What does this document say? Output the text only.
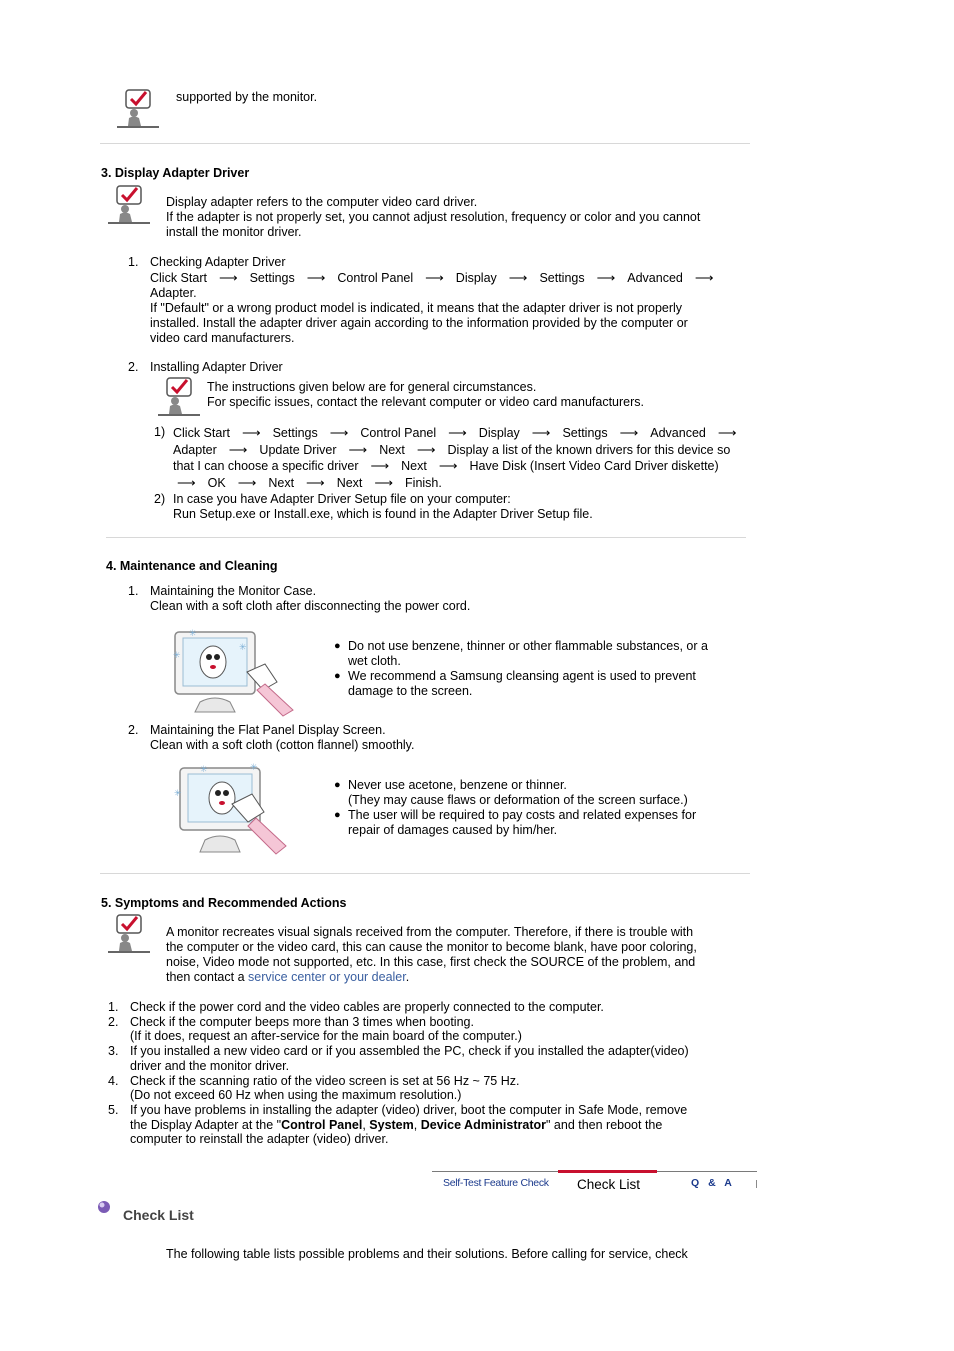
supported by the monitor.
3. Display Adapter Driver
Display adapter refers to the computer video card driver.
If the adapter is not properly set, you cannot adjust resolution, frequency or color and you cannot
install the monitor driver.
1. Checking Adapter Driver
Click Start ⟶ Settings ⟶ Control Panel ⟶ Display ⟶ Settings ⟶ Advanced ⟶
Adapter.
If "Default" or a wrong product model is indicated, it means that the adapter driver is not properly
installed. Install the adapter driver again according to the information provided by the computer or
video card manufacturers.
2. Installing Adapter Driver
The instructions given below are for general circumstances.
For specific issues, contact the relevant computer or video card manufacturers.
1) Click Start ⟶ Settings ⟶ Control Panel ⟶ Display ⟶ Settings ⟶ Advanced ⟶
Adapter ⟶ Update Driver ⟶ Next ⟶ Display a list of the known drivers for this device so
that I can choose a specific driver ⟶ Next ⟶ Have Disk (Insert Video Card Driver diskette)
⟶ OK ⟶ Next ⟶ Next ⟶ Finish.
2) In case you have Adapter Driver Setup file on your computer:
Run Setup.exe or Install.exe, which is found in the Adapter Driver Setup file.
4. Maintenance and Cleaning
1. Maintaining the Monitor Case.
Clean with a soft cloth after disconnecting the power cord.
✳
✳
✳	● Do not use benzene, thinner or other flammable substances, or a
wet cloth.
● We recommend a Samsung cleansing agent is used to prevent
damage to the screen.
2. Maintaining the Flat Panel Display Screen.
Clean with a soft cloth (cotton flannel) smoothly.
✳
✳
✳
● Never use acetone, benzene or thinner.
(They may cause flaws or deformation of the screen surface.)
● The user will be required to pay costs and related expenses for
repair of damages caused by him/her.
5. Symptoms and Recommended Actions
A monitor recreates visual signals received from the computer. Therefore, if there is trouble with
the computer or the video card, this can cause the monitor to become blank, have poor coloring,
noise, Video mode not supported, etc. In this case, first check the SOURCE of the problem, and
then contact a service center or your dealer.
1. Check if the power cord and the video cables are properly connected to the computer.
2. Check if the computer beeps more than 3 times when booting.
(If it does, request an after-service for the main board of the computer.)
3. If you installed a new video card or if you assembled the PC, check if you installed the adapter(video)
driver and the monitor driver.
4. Check if the scanning ratio of the video screen is set at 56 Hz ~ 75 Hz.
(Do not exceed 60 Hz when using the maximum resolution.)
5. If you have problems in installing the adapter (video) driver, boot the computer in Safe Mode, remove
the Display Adapter at the "Control Panel, System, Device Administrator" and then reboot the
computer to reinstall the adapter (video) driver.
Self-Test Feature Check	Check List	Q & A
Check List
The following table lists possible problems and their solutions. Before calling for service, check
